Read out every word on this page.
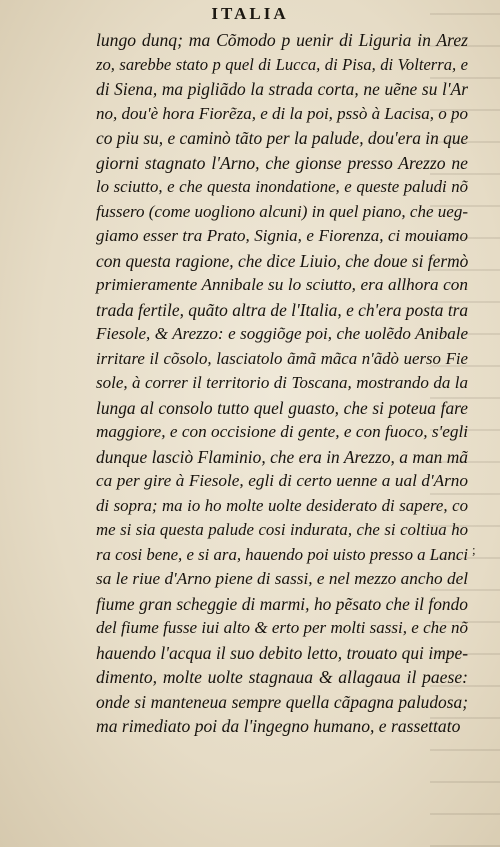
ITALIA
lungo dunq; ma Cõmodo p uenir di Liguria in Arez
zo, sarebbe stato p quel di Lucca, di Pisa, di Volterra, e
di Siena, ma pigliãdo la strada corta, ne uẽne su l'Ar
no, dou'è hora Fiorẽza, e di la poi, pssò à Lacisa, o po
co piu su, e caminò tãto per la palude, dou'era in que
giorni stagnato l'Arno, che gionse presso Arezzo ne
lo sciutto, e che questa inondatione, e queste paludi nõ
fussero (come uogliono alcuni) in quel piano, che ueg-
giamo esser tra Prato, Signia, e Fiorenza, ci mouiamo
con questa ragione, che dice Liuio, che doue si fermò
primieramente Annibale su lo sciutto, era allhora con
trada fertile, quãto altra de l'Italia, e ch'era posta tra
Fiesole, & Arezzo: e soggiõge poi, che uolẽdo Anibale
irritare il cõsolo, lasciatolo ãmã mãca n'ãdò uerso Fie
sole, à correr il territorio di Toscana, mostrando da la
lunga al consolo tutto quel guasto, che si poteua fare
maggiore, e con occisione di gente, e con fuoco, s'egli
dunque lasciò Flaminio, che era in Arezzo, a man mã
ca per gire à Fiesole, egli di certo uenne a ual d'Arno
di sopra; ma io ho molte uolte desiderato di sapere, co
me si sia questa palude cosi indurata, che si coltiua ho
ra cosi bene, e si ara, hauendo poi uisto presso a Lanci
sa le riue d'Arno piene di sassi, e nel mezzo ancho del
fiume gran scheggie di marmi, ho pẽsato che il fondo
del fiume fusse iui alto & erto per molti sassi, e che nõ
hauendo l'acqua il suo debito letto, trouato qui impe-
dimento, molte uolte stagnaua & allagaua il paese:
onde si manteneua sempre quella cãpagna paludosa;
ma rimediato poi da l'ingegno humano, e rassettato
;
